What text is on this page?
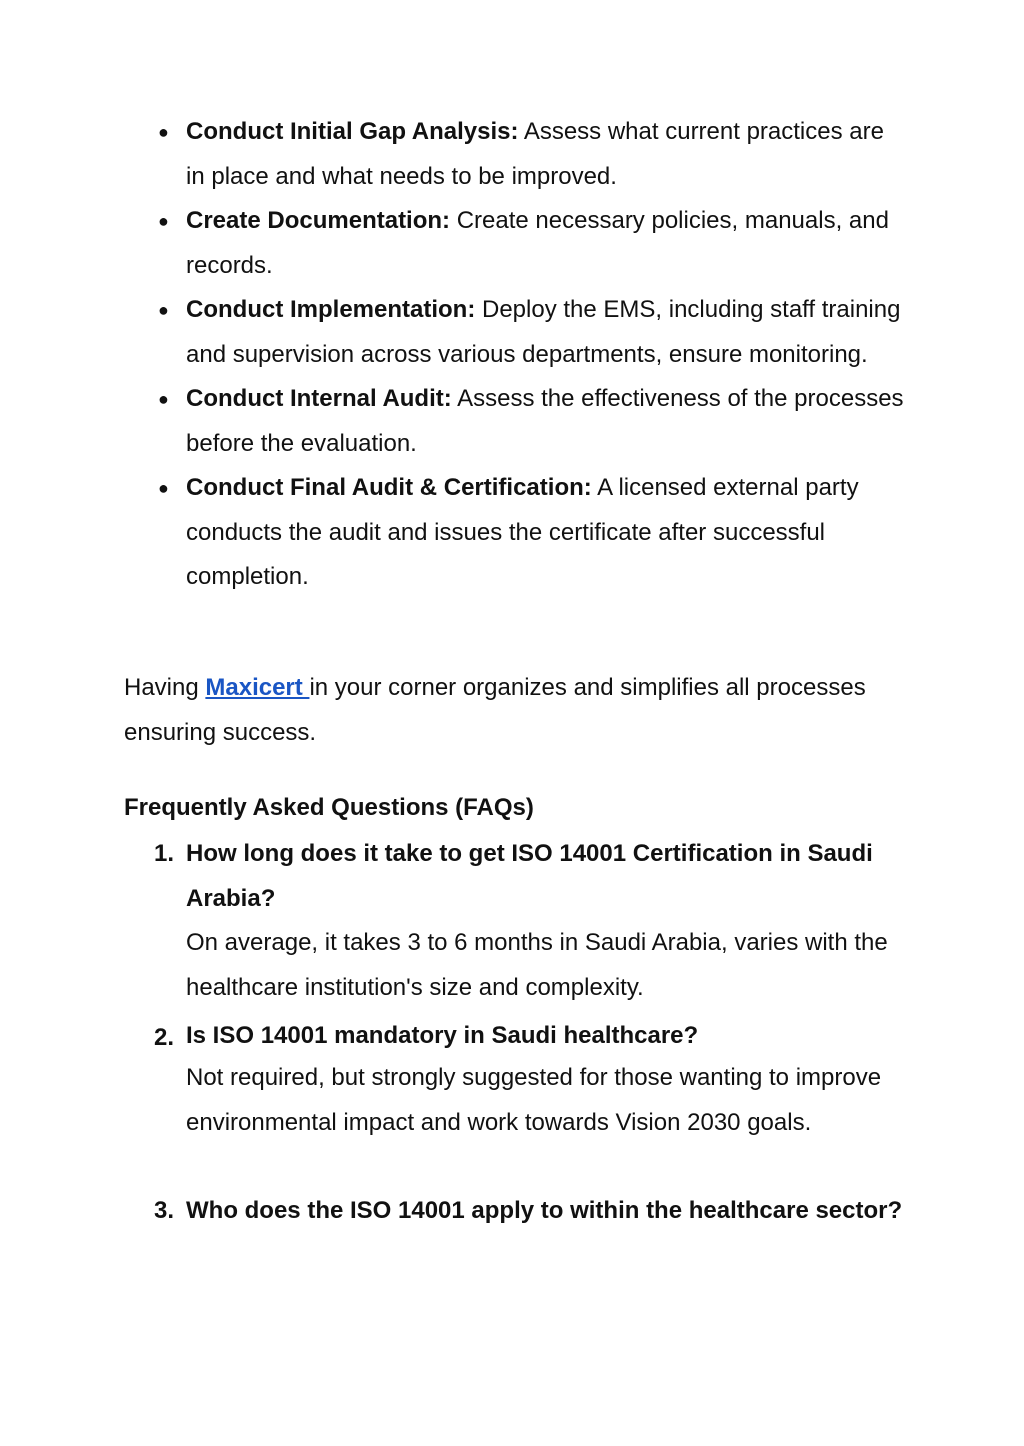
● Conduct Initial Gap Analysis: Assess what current practices are in place and what needs to be improved.
● Create Documentation: Create necessary policies, manuals, and records.
● Conduct Implementation: Deploy the EMS, including staff training and supervision across various departments, ensure monitoring.
● Conduct Internal Audit: Assess the effectiveness of the processes before the evaluation.
● Conduct Final Audit & Certification: A licensed external party conducts the audit and issues the certificate after successful completion.

Having Maxicert in your corner organizes and simplifies all processes ensuring success.

Frequently Asked Questions (FAQs)
1. How long does it take to get ISO 14001 Certification in Saudi Arabia?
On average, it takes 3 to 6 months in Saudi Arabia, varies with the healthcare institution's size and complexity.
2. Is ISO 14001 mandatory in Saudi healthcare?
Not required, but strongly suggested for those wanting to improve environmental impact and work towards Vision 2030 goals.
3. Who does the ISO 14001 apply to within the healthcare sector?
